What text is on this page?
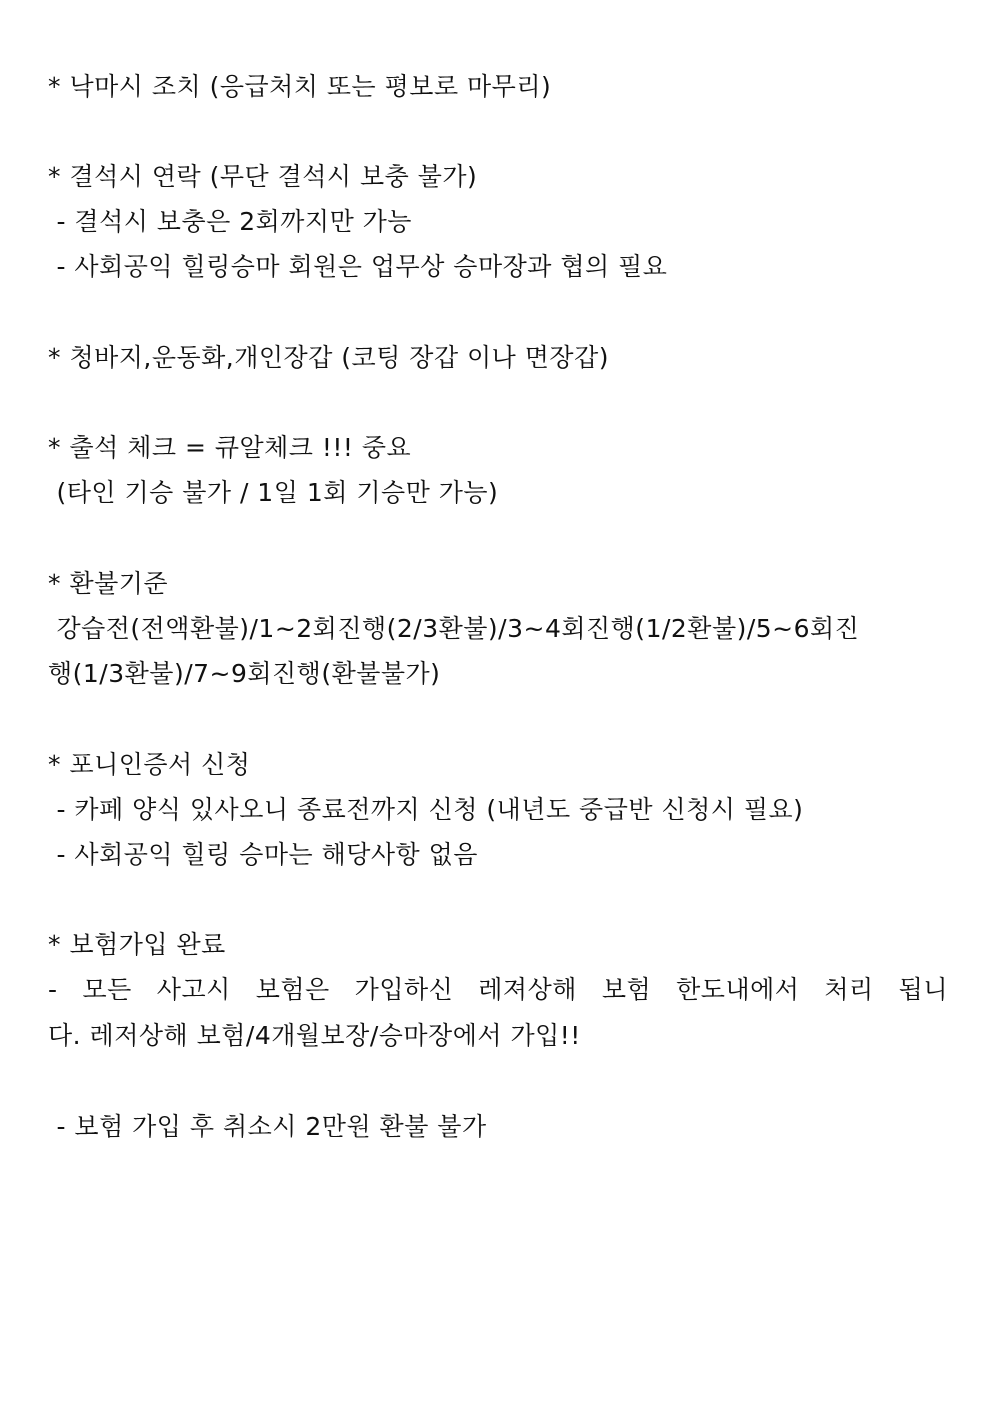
* 낙마시 조치 (응급처치 또는 평보로 마무리)
* 결석시 연락 (무단 결석시 보충 불가)
- 결석시 보충은 2회까지만 가능
- 사회공익 힐링승마 회원은 업무상 승마장과 협의 필요
* 청바지,운동화,개인장갑 (코팅 장갑 이나 면장갑)
* 출석 체크 = 큐알체크 !!! 중요
(타인 기승 불가 / 1일 1회 기승만 가능)
* 환불기준
강습전(전액환불)/1~2회진행(2/3환불)/3~4회진행(1/2환불)/5~6회진
행(1/3환불)/7~9회진행(환불불가)
* 포니인증서 신청
- 카페 양식 있사오니 종료전까지 신청 (내년도 중급반 신청시 필요)
- 사회공익 힐링 승마는 해당사항 없음
* 보험가입 완료
- 모든 사고시 보험은 가입하신 레져상해 보험 한도내에서 처리 됩니
다. 레저상해 보험/4개월보장/승마장에서 가입!!
- 보험 가입 후 취소시 2만원 환불 불가
